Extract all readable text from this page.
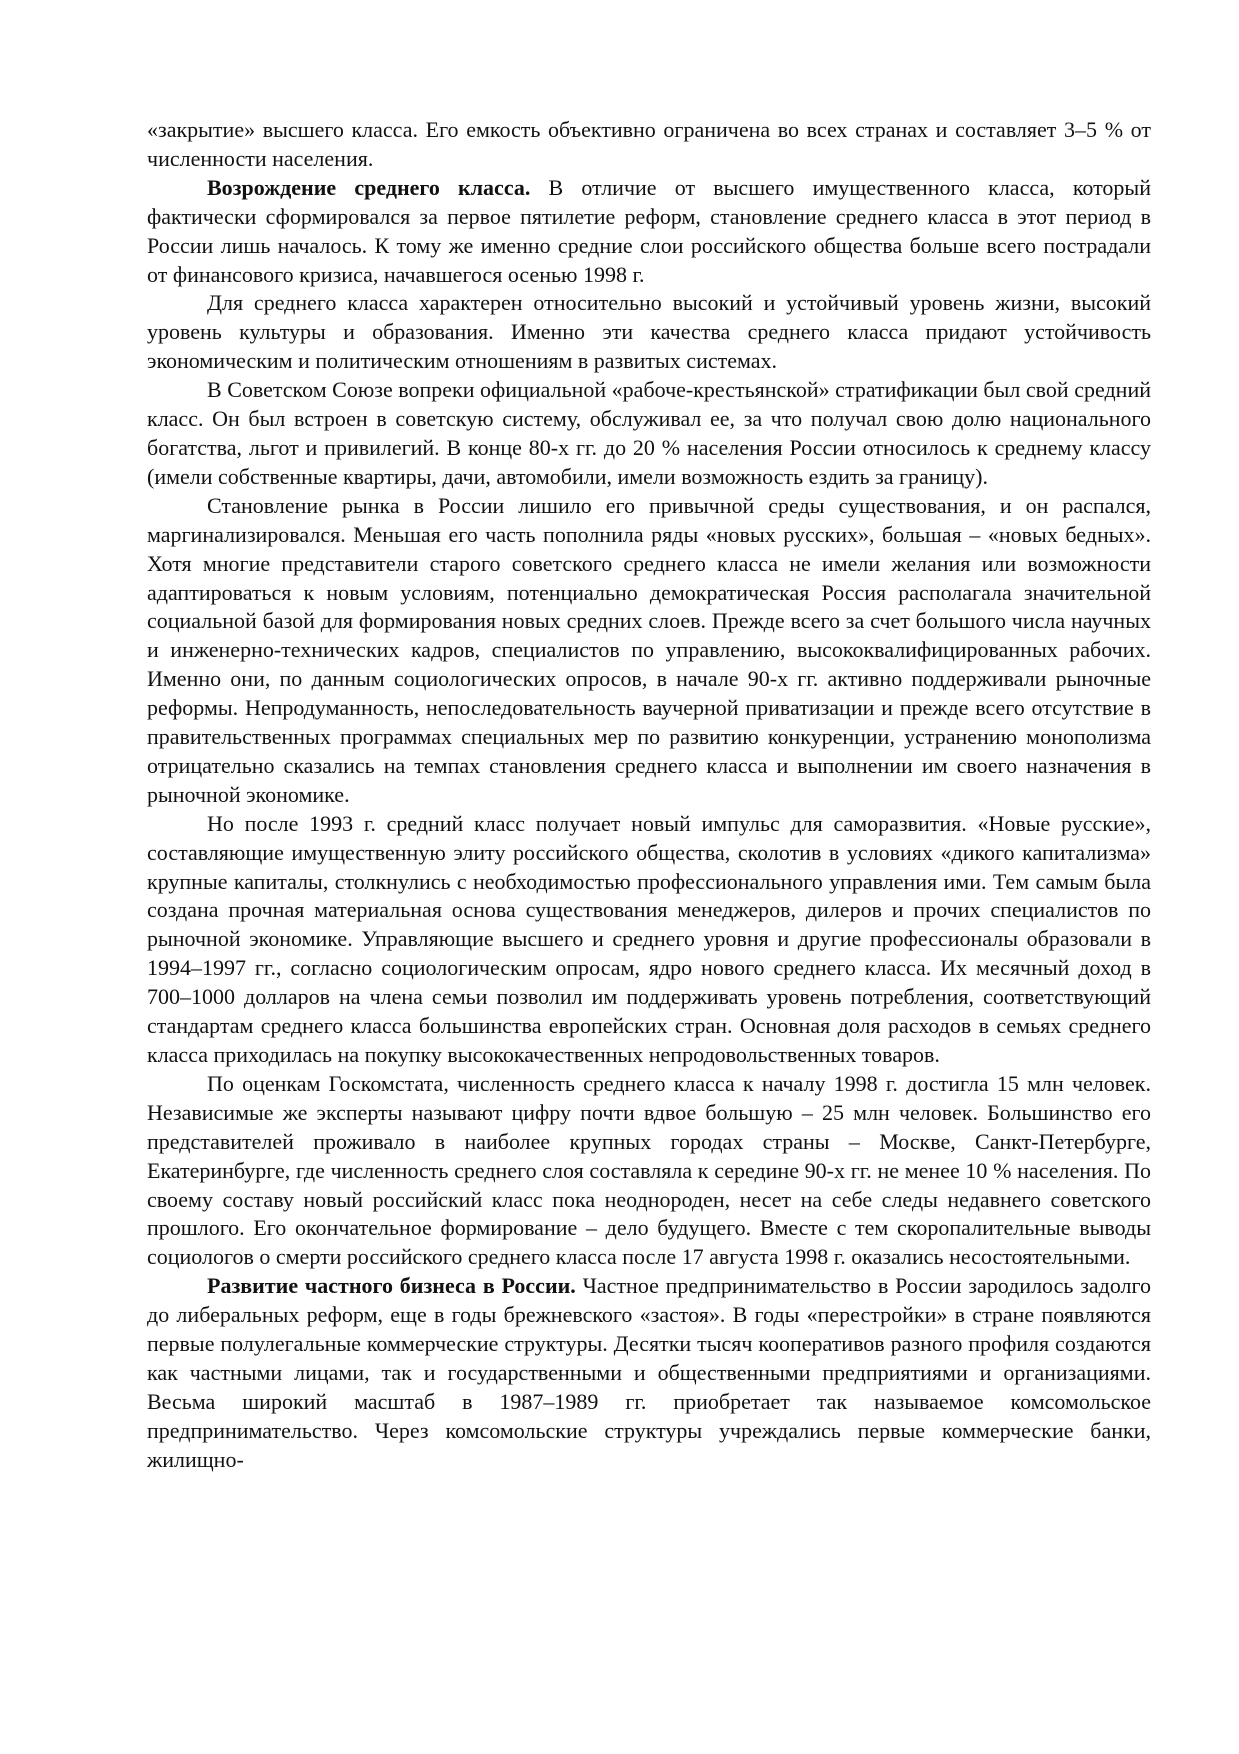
«закрытие» высшего класса. Его емкость объективно ограничена во всех странах и составляет 3–5 % от численности населения.

Возрождение среднего класса. В отличие от высшего имущественного класса, который фактически сформировался за первое пятилетие реформ, становление среднего класса в этот период в России лишь началось. К тому же именно средние слои российского общества больше всего пострадали от финансового кризиса, начавшегося осенью 1998 г.

Для среднего класса характерен относительно высокий и устойчивый уровень жизни, высокий уровень культуры и образования. Именно эти качества среднего класса придают устойчивость экономическим и политическим отношениям в развитых системах.

В Советском Союзе вопреки официальной «рабоче-крестьянской» стратификации был свой средний класс. Он был встроен в советскую систему, обслуживал ее, за что получал свою долю национального богатства, льгот и привилегий. В конце 80-х гг. до 20 % населения России относилось к среднему классу (имели собственные квартиры, дачи, автомобили, имели возможность ездить за границу).

Становление рынка в России лишило его привычной среды существования, и он распался, маргинализировался. Меньшая его часть пополнила ряды «новых русских», большая – «новых бедных». Хотя многие представители старого советского среднего класса не имели желания или возможности адаптироваться к новым условиям, потенциально демократическая Россия располагала значительной социальной базой для формирования новых средних слоев. Прежде всего за счет большого числа научных и инженерно-технических кадров, специалистов по управлению, высококвалифицированных рабочих. Именно они, по данным социологических опросов, в начале 90-х гг. активно поддерживали рыночные реформы. Непродуманность, непоследовательность ваучерной приватизации и прежде всего отсутствие в правительственных программах специальных мер по развитию конкуренции, устранению монополизма отрицательно сказались на темпах становления среднего класса и выполнении им своего назначения в рыночной экономике.

Но после 1993 г. средний класс получает новый импульс для саморазвития. «Новые русские», составляющие имущественную элиту российского общества, сколотив в условиях «дикого капитализма» крупные капиталы, столкнулись с необходимостью профессионального управления ими. Тем самым была создана прочная материальная основа существования менеджеров, дилеров и прочих специалистов по рыночной экономике. Управляющие высшего и среднего уровня и другие профессионалы образовали в 1994–1997 гг., согласно социологическим опросам, ядро нового среднего класса. Их месячный доход в 700–1000 долларов на члена семьи позволил им поддерживать уровень потребления, соответствующий стандартам среднего класса большинства европейских стран. Основная доля расходов в семьях среднего класса приходилась на покупку высококачественных непродовольственных товаров.

По оценкам Госкомстата, численность среднего класса к началу 1998 г. достигла 15 млн человек. Независимые же эксперты называют цифру почти вдвое большую – 25 млн человек. Большинство его представителей проживало в наиболее крупных городах страны – Москве, Санкт-Петербурге, Екатеринбурге, где численность среднего слоя составляла к середине 90-х гг. не менее 10 % населения. По своему составу новый российский класс пока неоднороден, несет на себе следы недавнего советского прошлого. Его окончательное формирование – дело будущего. Вместе с тем скоропалительные выводы социологов о смерти российского среднего класса после 17 августа 1998 г. оказались несостоятельными.

Развитие частного бизнеса в России. Частное предпринимательство в России зародилось задолго до либеральных реформ, еще в годы брежневского «застоя». В годы «перестройки» в стране появляются первые полулегальные коммерческие структуры. Десятки тысяч кооперативов разного профиля создаются как частными лицами, так и государственными и общественными предприятиями и организациями. Весьма широкий масштаб в 1987–1989 гг. приобретает так называемое комсомольское предпринимательство. Через комсомольские структуры учреждались первые коммерческие банки, жилищно-
